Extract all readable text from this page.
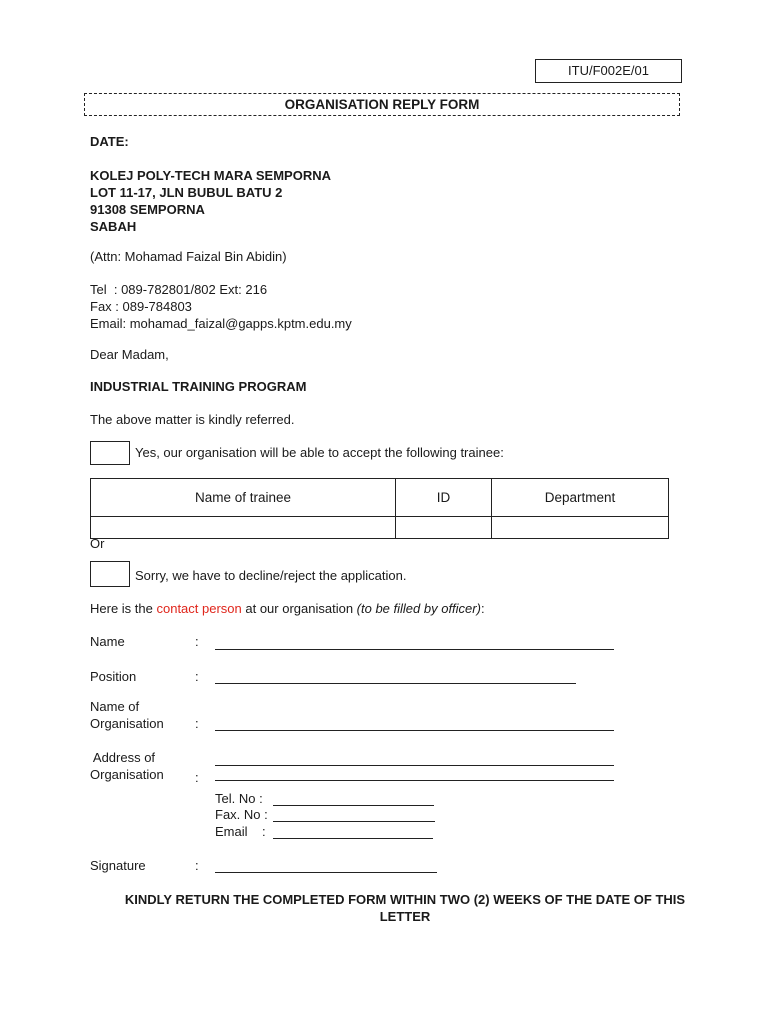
ITU/F002E/01
ORGANISATION REPLY FORM
DATE:
KOLEJ POLY-TECH MARA SEMPORNA
LOT 11-17, JLN BUBUL BATU 2
91308 SEMPORNA
SABAH
(Attn: Mohamad Faizal Bin Abidin)
Tel  : 089-782801/802 Ext: 216
Fax : 089-784803
Email: mohamad_faizal@gapps.kptm.edu.my
Dear Madam,
INDUSTRIAL TRAINING PROGRAM
The above matter is kindly referred.
Yes, our organisation will be able to accept the following trainee:
Name of trainee	ID	Department

Or
Sorry, we have to decline/reject the application.
Here is the contact person at our organisation (to be filled by officer):
Name	:
Position	:
Name of
Organisation :
Address of
Organisation :
Tel. No :
Fax. No :
Email    :
Signature	:
KINDLY RETURN THE COMPLETED FORM WITHIN TWO (2) WEEKS OF THE DATE OF THIS
LETTER
